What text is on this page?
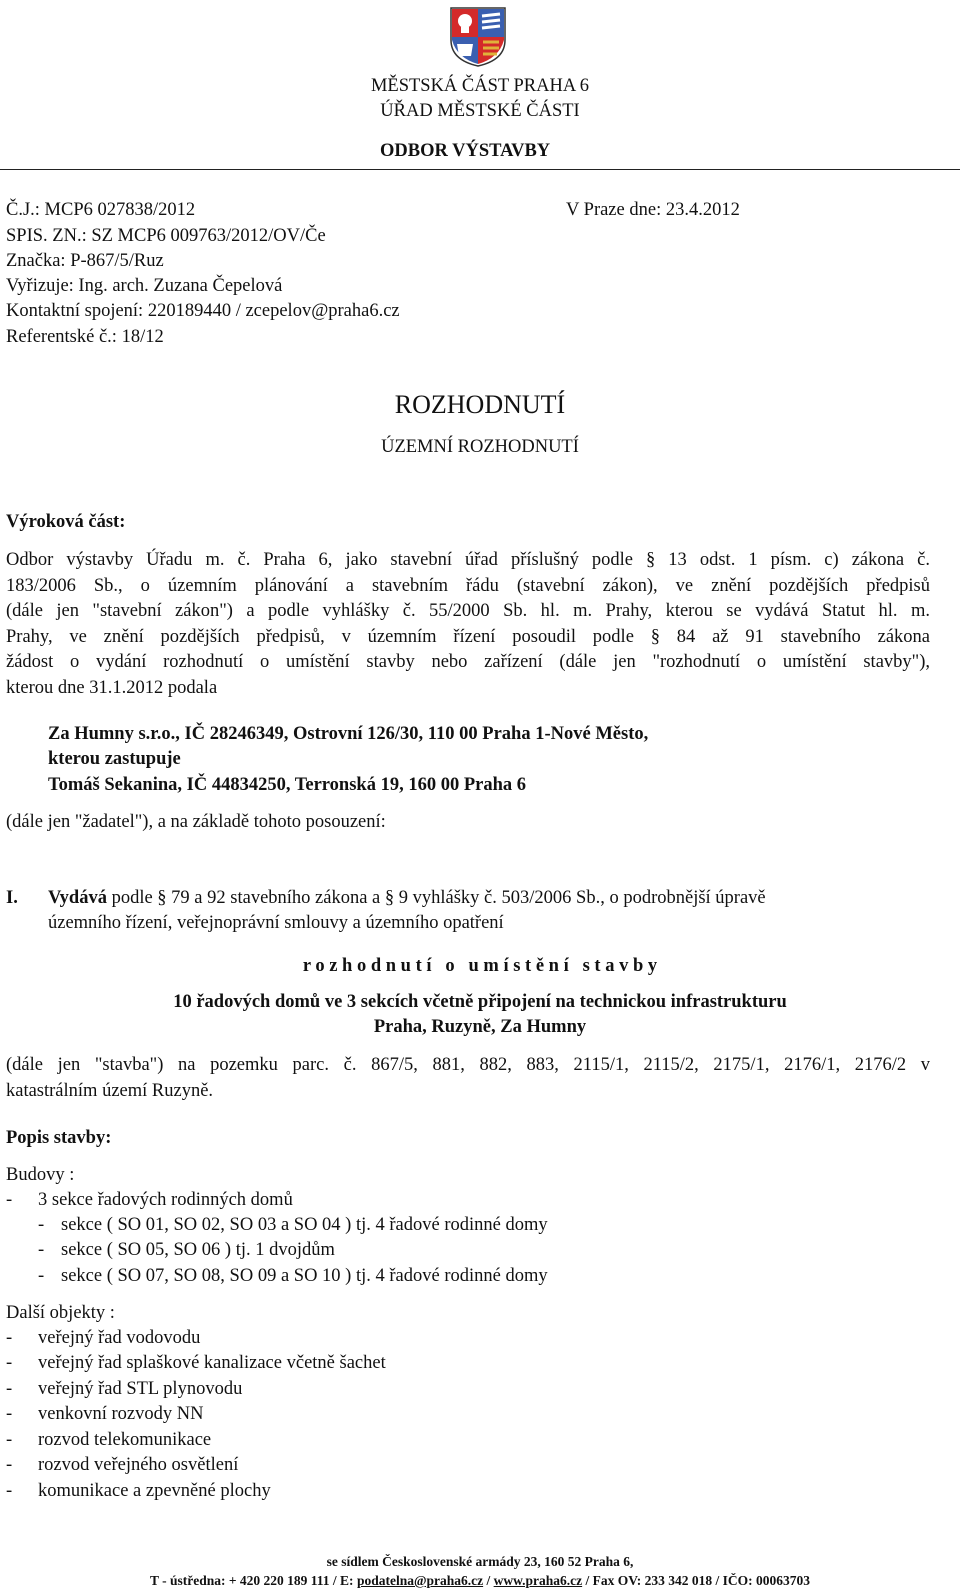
MĚSTSKÁ ČÁST PRAHA 6
ÚŘAD MĚSTSKÉ ČÁSTI
ODBOR VÝSTAVBY
Č.J.: MCP6 027838/2012	V Praze dne: 23.4.2012
SPIS. ZN.: SZ MCP6 009763/2012/OV/Če
Značka: P-867/5/Ruz
Vyřizuje: Ing. arch. Zuzana Čepelová
Kontaktní spojení: 220189440 / zcepelov@praha6.cz
Referentské č.: 18/12
ROZHODNUTÍ
ÚZEMNÍ ROZHODNUTÍ
Výroková část:
Odbor výstavby Úřadu m. č. Praha 6, jako stavební úřad příslušný podle § 13 odst. 1 písm. c) zákona č.
183/2006 Sb., o územním plánování a stavebním řádu (stavební zákon), ve znění pozdějších předpisů
(dále jen "stavební zákon") a podle vyhlášky č. 55/2000 Sb. hl. m. Prahy, kterou se vydává Statut hl. m.
Prahy, ve znění pozdějších předpisů, v územním řízení posoudil podle § 84 až 91 stavebního zákona
žádost o vydání rozhodnutí o umístění stavby nebo zařízení (dále jen "rozhodnutí o umístění stavby"),
kterou dne 31.1.2012 podala
Za Humny s.r.o., IČ 28246349, Ostrovní 126/30, 110 00 Praha 1-Nové Město,
kterou zastupuje
Tomáš Sekanina, IČ 44834250, Terronská 19, 160 00 Praha 6
(dále jen "žadatel"), a na základě tohoto posouzení:
I. Vydává podle § 79 a 92 stavebního zákona a § 9 vyhlášky č. 503/2006 Sb., o podrobnější úpravě
územního řízení, veřejnoprávní smlouvy a územního opatření
r o z h o d n u t í   o   u m í s t ě n í   s t a v b y
10 řadových domů ve 3 sekcích včetně připojení na technickou infrastrukturu
Praha, Ruzyně, Za Humny
(dále jen "stavba") na pozemku parc. č. 867/5, 881, 882, 883, 2115/1, 2115/2, 2175/1, 2176/1, 2176/2 v
katastrálním území Ruzyně.
Popis stavby:
Budovy :
- 3 sekce řadových rodinných domů
- sekce ( SO 01, SO 02, SO 03 a SO 04 ) tj. 4 řadové rodinné domy
- sekce ( SO 05, SO 06 ) tj. 1 dvojdům
- sekce ( SO 07, SO 08, SO 09 a SO 10 ) tj. 4 řadové rodinné domy
Další objekty :
- veřejný řad vodovodu
- veřejný řad splaškové kanalizace včetně šachet
- veřejný řad STL plynovodu
- venkovní rozvody NN
- rozvod telekomunikace
- rozvod veřejného osvětlení
- komunikace a zpevněné plochy
se sídlem Československé armády 23, 160 52 Praha 6,
T - ústředna: + 420 220 189 111 / E: podatelna@praha6.cz / www.praha6.cz / Fax OV: 233 342 018 / IČO: 00063703
